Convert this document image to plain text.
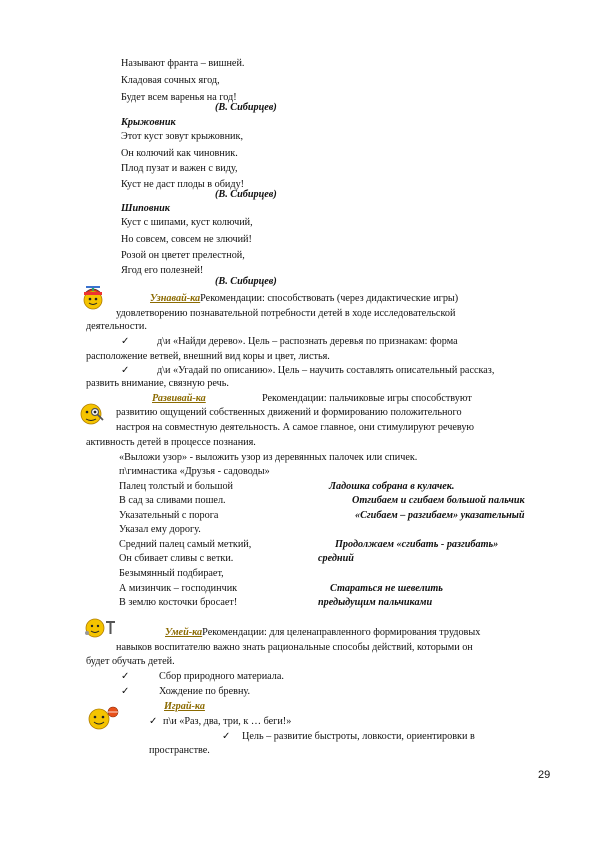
Называют франта – вишней.
Кладовая сочных ягод,
Будет всем варенья на год!
(В. Сибирцев)
Крыжовник
Этот куст зовут крыжовник,
Он колючий как чиновник.
Плод пузат и важен с виду,
Куст не даст плоды в обиду!
(В. Сибирцев)
Шиповник
Куст с шипами, куст колючий,
Но совсем, совсем не злючий!
Розой он цветет прелестной,
Ягод его полезней!
(В. Сибирцев)
Узнавай-каРекомендации: способствовать (через дидактические игры)
удовлетворению познавательной потребности детей в ходе исследовательской
деятельности.
✓	д\и «Найди дерево». Цель – распознать деревья по признакам: форма
расположение ветвей, внешний вид коры и цвет, листья.
✓	д\и «Угадай по описанию». Цель – научить составлять описательный рассказ,
развить внимание, связную речь.
Развивай-ка	Рекомендации: пальчиковые игры способствуют
развитию ощущений собственных движений и формированию положительного
настроя на совместную деятельность. А самое главное, они стимулируют речевую
активность детей в процессе познания.
«Выложи узор» - выложить узор из деревянных палочек или спичек.
п\гимнастика «Друзья - садоводы»
Палец толстый и большой	Ладошка собрана в кулачек.
В сад за сливами пошел.	Отгибаем и сгибаем большой пальчик
Указательный с порога	«Сгибаем – разгибаем» указательный
Указал ему дорогу.
Средний палец самый меткий,	Продолжаем «сгибать - разгибать»
Он сбивает сливы с ветки.	средний
Безымянный подбирает,
А мизинчик – господинчик	Стараться не шевелить
В землю косточки бросает!	предыдущим пальчиками
Умей-каРекомендации: для целенаправленного формирования трудовых
навыков воспитателю важно знать рациональные способы действий, которыми он
будет обучать детей.
✓	Сбор природного материала.
✓	Хождение по бревну.
Играй-ка
✓ п\и «Раз, два, три, к … беги!»
✓ Цель – развитие быстроты, ловкости, ориентировки в
пространстве.
29
